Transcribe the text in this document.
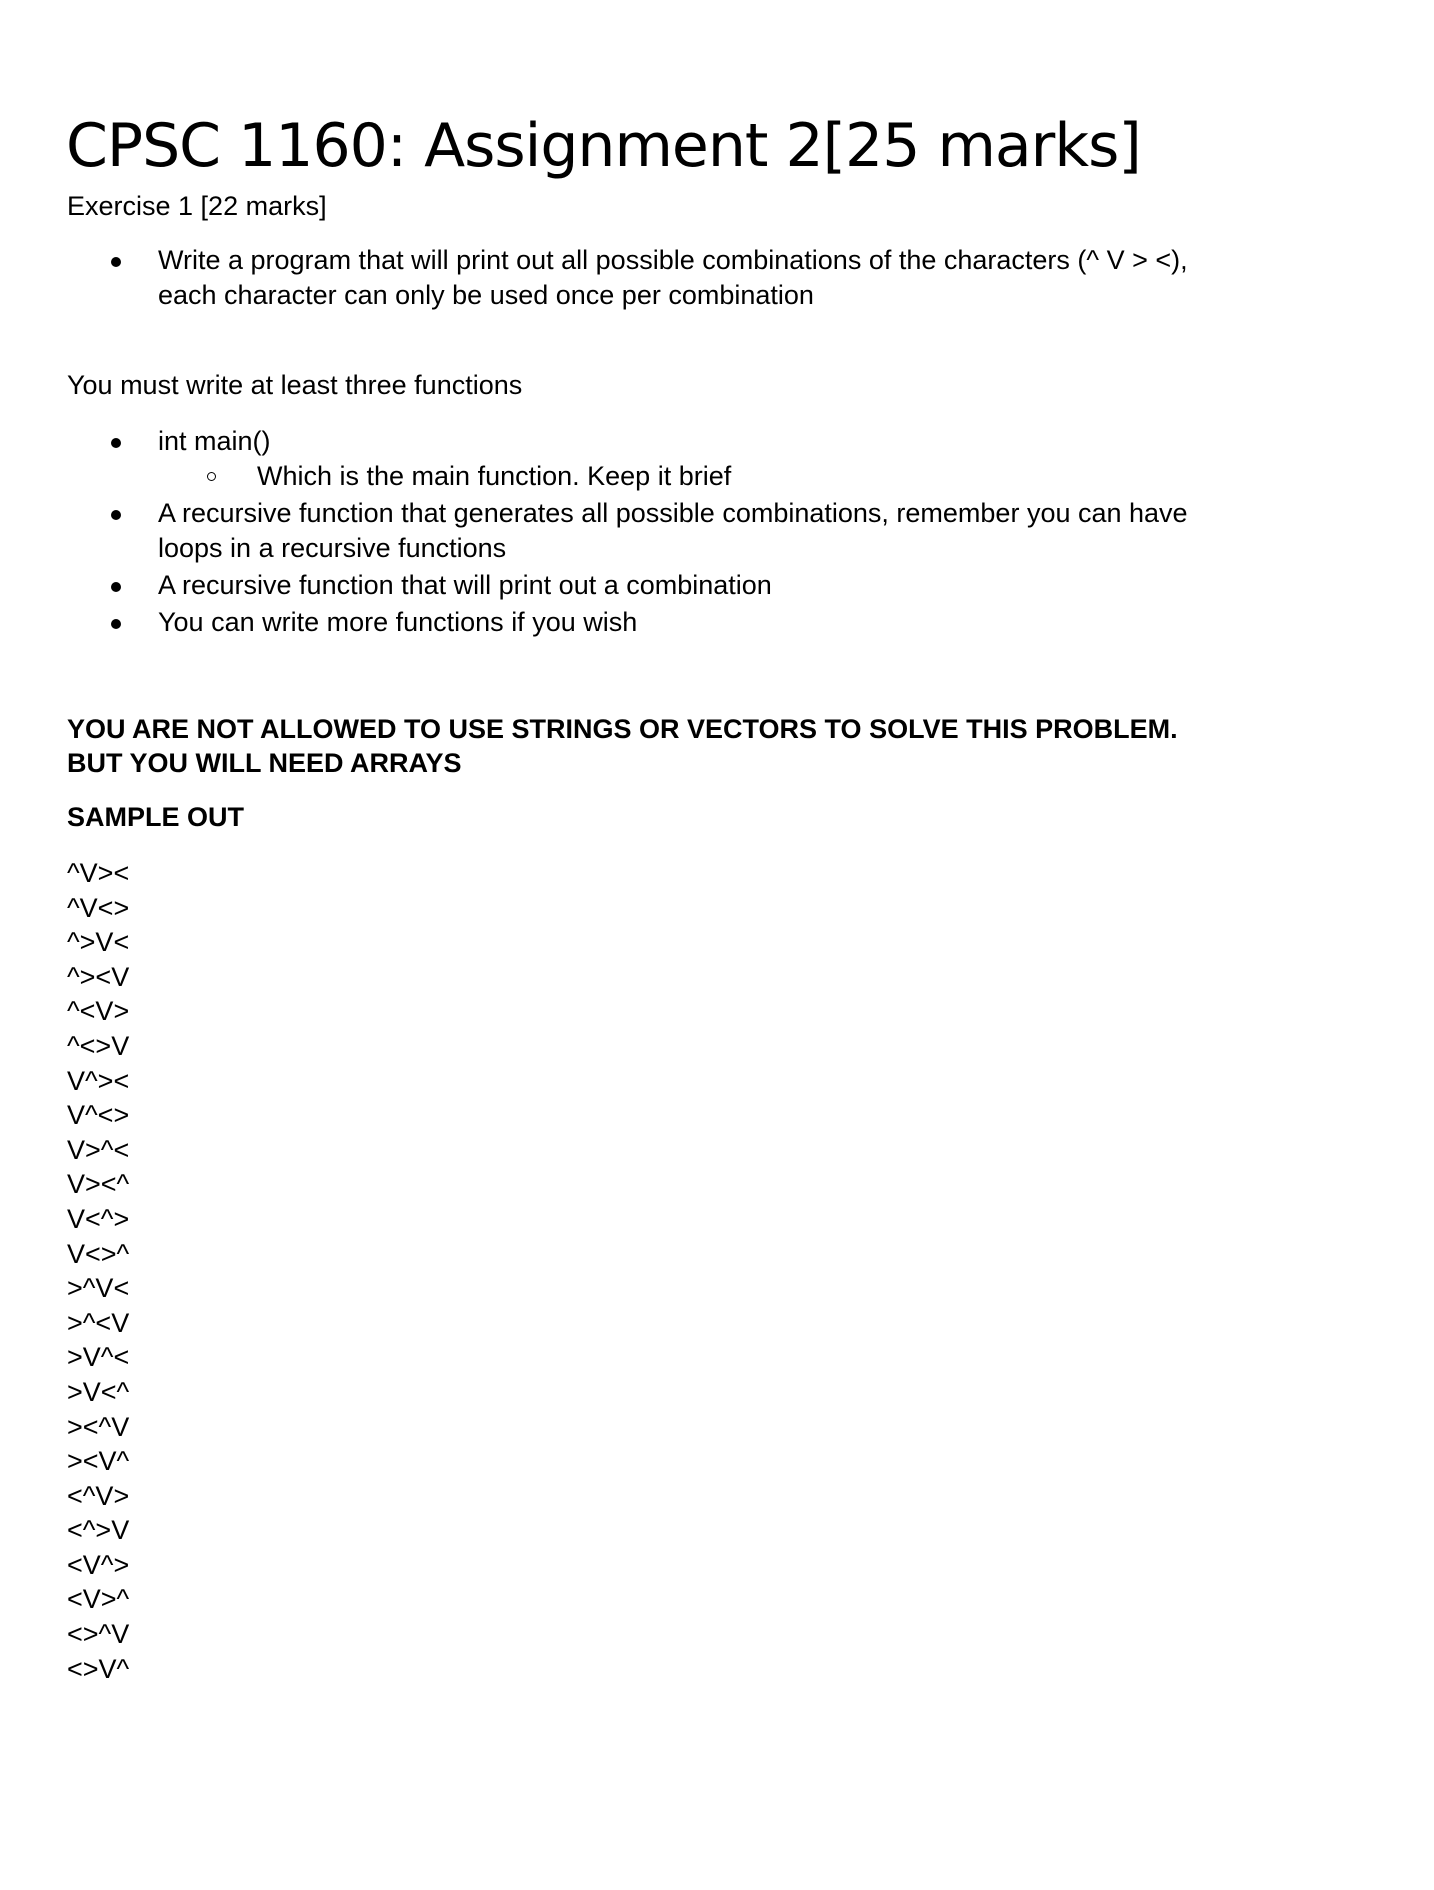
CPSC 1160: Assignment 2[25 marks]
Exercise 1 [22 marks]
Write a program that will print out all possible combinations of the characters (^ V > <), each character can only be used once per combination
You must write at least three functions
int main()
Which is the main function. Keep it brief
A recursive function that generates all possible combinations, remember you can have loops in a recursive functions
A recursive function that will print out a combination
You can write more functions if you wish
YOU ARE NOT ALLOWED TO USE STRINGS OR VECTORS TO SOLVE THIS PROBLEM.
BUT YOU WILL NEED ARRAYS
SAMPLE OUT
^V><
^V<>
^>V<
^><V
^<V>
^<>V
V^><
V^<>
V>^<
V><^
V<^>
V<>^
>^V<
>^<V
>V^<
>V<^
><^V
><V^
<^V>
<^>V
<V^>
<V>^
<>^V
<>V^
